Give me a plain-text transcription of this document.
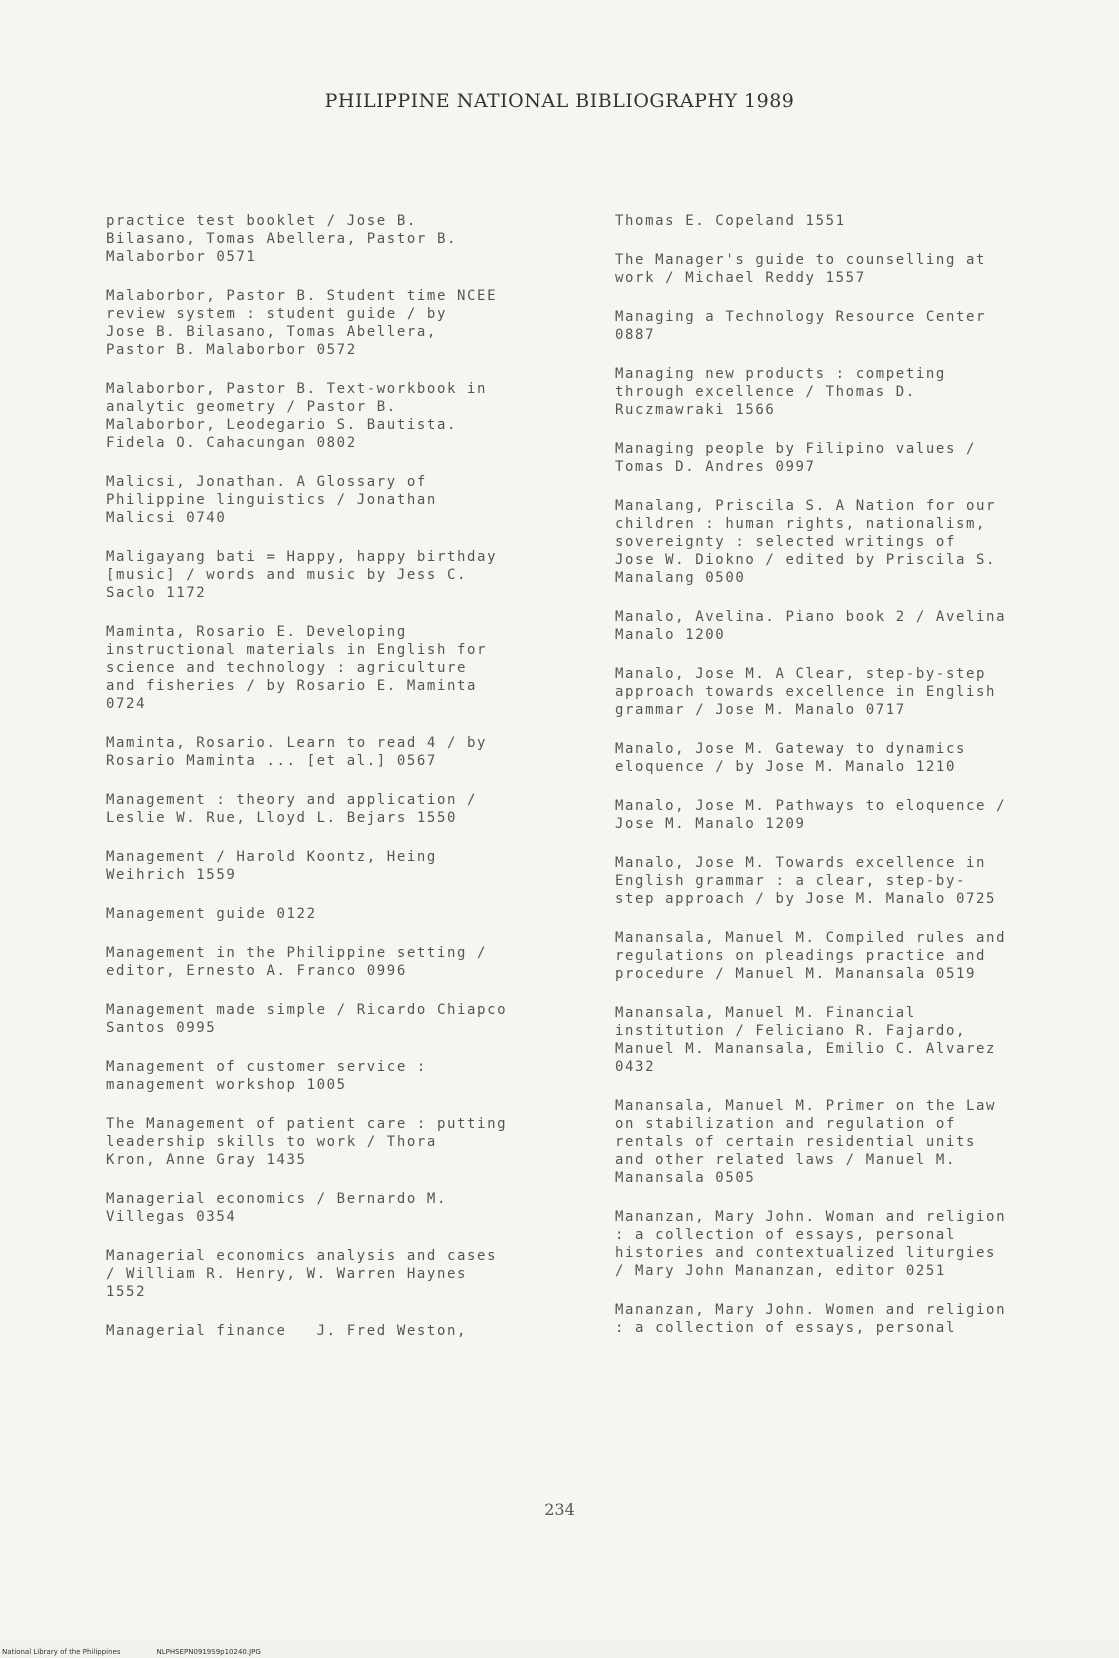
PHILIPPINE NATIONAL BIBLIOGRAPHY 1989
practice test booklet / Jose B.
Bilasano, Tomas Abellera, Pastor B.
Malaborbor 0571
Malaborbor, Pastor B. Student time NCEE
review system : student guide / by
Jose B. Bilasano, Tomas Abellera,
Pastor B. Malaborbor 0572
Malaborbor, Pastor B. Text-workbook in
analytic geometry / Pastor B.
Malaborbor, Leodegario S. Bautista.
Fidela O. Cahacungan 0802
Malicsi, Jonathan. A Glossary of
Philippine linguistics / Jonathan
Malicsi 0740
Maligayang bati = Happy, happy birthday
[music] / words and music by Jess C.
Saclo 1172
Maminta, Rosario E. Developing
instructional materials in English for
science and technology : agriculture
and fisheries / by Rosario E. Maminta
0724
Maminta, Rosario. Learn to read 4 / by
Rosario Maminta ... [et al.] 0567
Management : theory and application /
Leslie W. Rue, Lloyd L. Bejars 1550
Management / Harold Koontz, Heing
Weihrich 1559
Management guide 0122
Management in the Philippine setting /
editor, Ernesto A. Franco 0996
Management made simple / Ricardo Chiapco
Santos 0995
Management of customer service :
management workshop 1005
The Management of patient care : putting
leadership skills to work / Thora
Kron, Anne Gray 1435
Managerial economics / Bernardo M.
Villegas 0354
Managerial economics analysis and cases
/ William R. Henry, W. Warren Haynes
1552
Managerial finance   J. Fred Weston,
Thomas E. Copeland 1551
The Manager's guide to counselling at
work / Michael Reddy 1557
Managing a Technology Resource Center
0887
Managing new products : competing
through excellence / Thomas D.
Ruczmawraki 1566
Managing people by Filipino values /
Tomas D. Andres 0997
Manalang, Priscila S. A Nation for our
children : human rights, nationalism,
sovereignty : selected writings of
Jose W. Diokno / edited by Priscila S.
Manalang 0500
Manalo, Avelina. Piano book 2 / Avelina
Manalo 1200
Manalo, Jose M. A Clear, step-by-step
approach towards excellence in English
grammar / Jose M. Manalo 0717
Manalo, Jose M. Gateway to dynamics
eloquence / by Jose M. Manalo 1210
Manalo, Jose M. Pathways to eloquence /
Jose M. Manalo 1209
Manalo, Jose M. Towards excellence in
English grammar : a clear, step-by-
step approach / by Jose M. Manalo 0725
Manansala, Manuel M. Compiled rules and
regulations on pleadings practice and
procedure / Manuel M. Manansala 0519
Manansala, Manuel M. Financial
institution / Feliciano R. Fajardo,
Manuel M. Manansala, Emilio C. Alvarez
0432
Manansala, Manuel M. Primer on the Law
on stabilization and regulation of
rentals of certain residential units
and other related laws / Manuel M.
Manansala 0505
Mananzan, Mary John. Woman and religion
: a collection of essays, personal
histories and contextualized liturgies
/ Mary John Mananzan, editor 0251
Mananzan, Mary John. Women and religion
: a collection of essays, personal
234
National Library of the Philippines	NLPHSEPN0919S9p10240.JPG
